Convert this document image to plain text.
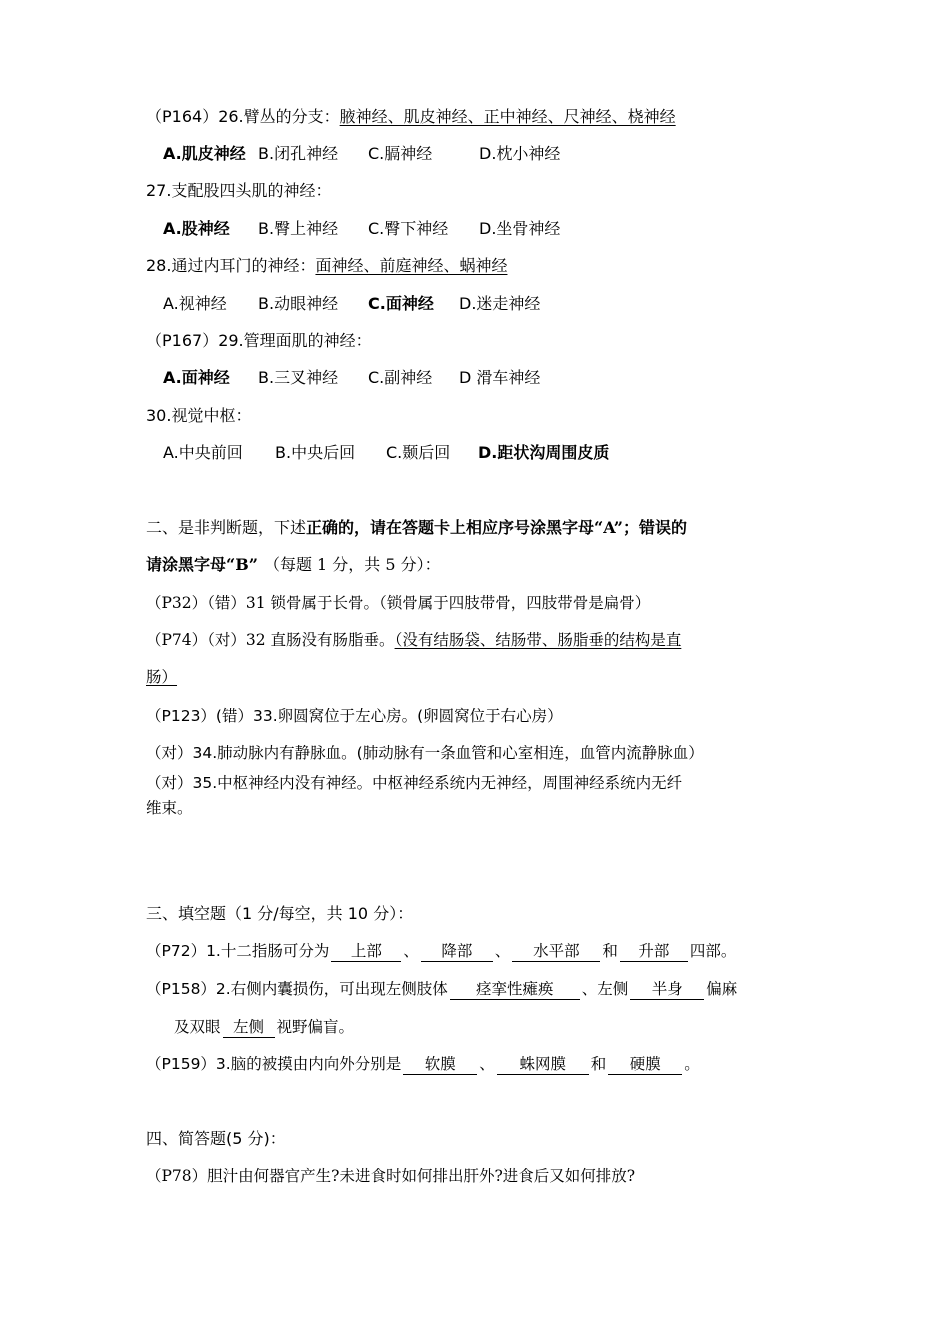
（P164）26.臂丛的分支：腋神经、肌皮神经、正中神经、尺神经、桡神经
A.肌皮神经 B.闭孔神经 C.膈神经	D.枕小神经
27.支配股四头肌的神经：
A.股神经 B.臀上神经 C.臀下神经 D.坐骨神经
28.通过内耳门的神经：面神经、前庭神经、蜗神经
A.视神经 B.动眼神经 C.面神经 D.迷走神经
（P167）29.管理面肌的神经：
A.面神经 B.三叉神经 C.副神经 D 滑车神经
30.视觉中枢：
A.中央前回 B.中央后回 C.颞后回 D.距状沟周围皮质
二、是非判断题，下述正确的，请在答题卡上相应序号涂黑字母“A”；错误的
请涂黑字母“B” （每题 1 分，共 5 分）：
（P32）（错）31 锁骨属于长骨。（锁骨属于四肢带骨，四肢带骨是扁骨）
（P74）（对）32 直肠没有肠脂垂。（没有结肠袋、结肠带、肠脂垂的结构是直
肠）
（P123）(错）33.卵圆窝位于左心房。(卵圆窝位于右心房）
（对）34.肺动脉内有静脉血。(肺动脉有一条血管和心室相连，血管内流静脉血）
（对）35.中枢神经内没有神经。中枢神经系统内无神经，周围神经系统内无纤
维束。
三、填空题（1 分/每空，共 10 分）：
（P72）1.十二指肠可分为 上部 、 降部 、 水平部 和 升部 四部。
（P158）2.右侧内囊损伤，可出现左侧肢体 痉挛性瘫痪 、左侧 半身 偏麻
及双眼 左侧 视野偏盲。
（P159）3.脑的被摸由内向外分别是 软膜 、 蛛网膜 和 硬膜 。
四、简答题(5 分)：
（P78）胆汁由何器官产生?未进食时如何排出肝外?进食后又如何排放?
